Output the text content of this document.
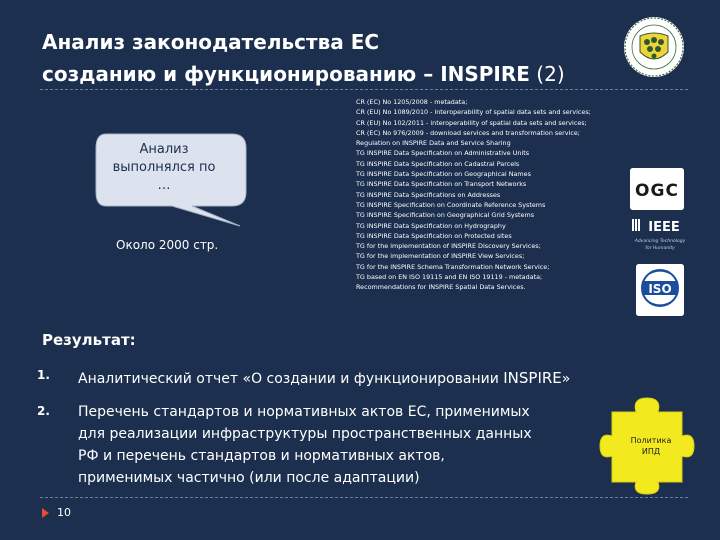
Анализ законодательства ЕС
созданию и функционированию – INSPIRE (2)
Анализ выполнялся по …
Около 2000 стр.
CR (EC) No 1205/2008 - metadata;
CR (EU) No 1089/2010 - interoperability of spatial data sets and services;
CR (EU) No 102/2011 - interoperability of spatial data sets and services;
CR (EC) No 976/2009 - download services and transformation service;
Regulation on INSPIRE Data and Service Sharing
TG INSPIRE Data Specification on Administrative Units
TG INSPIRE Data Specification on Cadastral Parcels
TG INSPIRE Data Specification on Geographical Names
TG INSPIRE Data Specification on Transport Networks
TG INSPIRE Data Specifications on Addresses
TG INSPIRE Specification on Coordinate Reference Systems
TG INSPIRE Specification on Geographical Grid Systems
TG INSPIRE Data Specification on Hydrography
TG INSPIRE Data Specification on Protected sites
TG for the implementation of INSPIRE Discovery Services;
TG for the implementation of INSPIRE View Services;
TG for the INSPIRE Schema Transformation Network Service;
TG based on EN ISO 19115 and EN ISO 19119 - metadata;
Recommendations for INSPIRE Spatial Data Services.
OGC
IEEE
Advancing Technology
for Humanity
ISO
Результат:
1. Аналитический отчет «О создании и функционировании INSPIRE»
2. Перечень стандартов и нормативных актов ЕС, применимых
для реализации инфраструктуры пространственных данных
РФ и перечень стандартов и нормативных актов,
применимых частично (или после адаптации)
Политика
ИПД
10
